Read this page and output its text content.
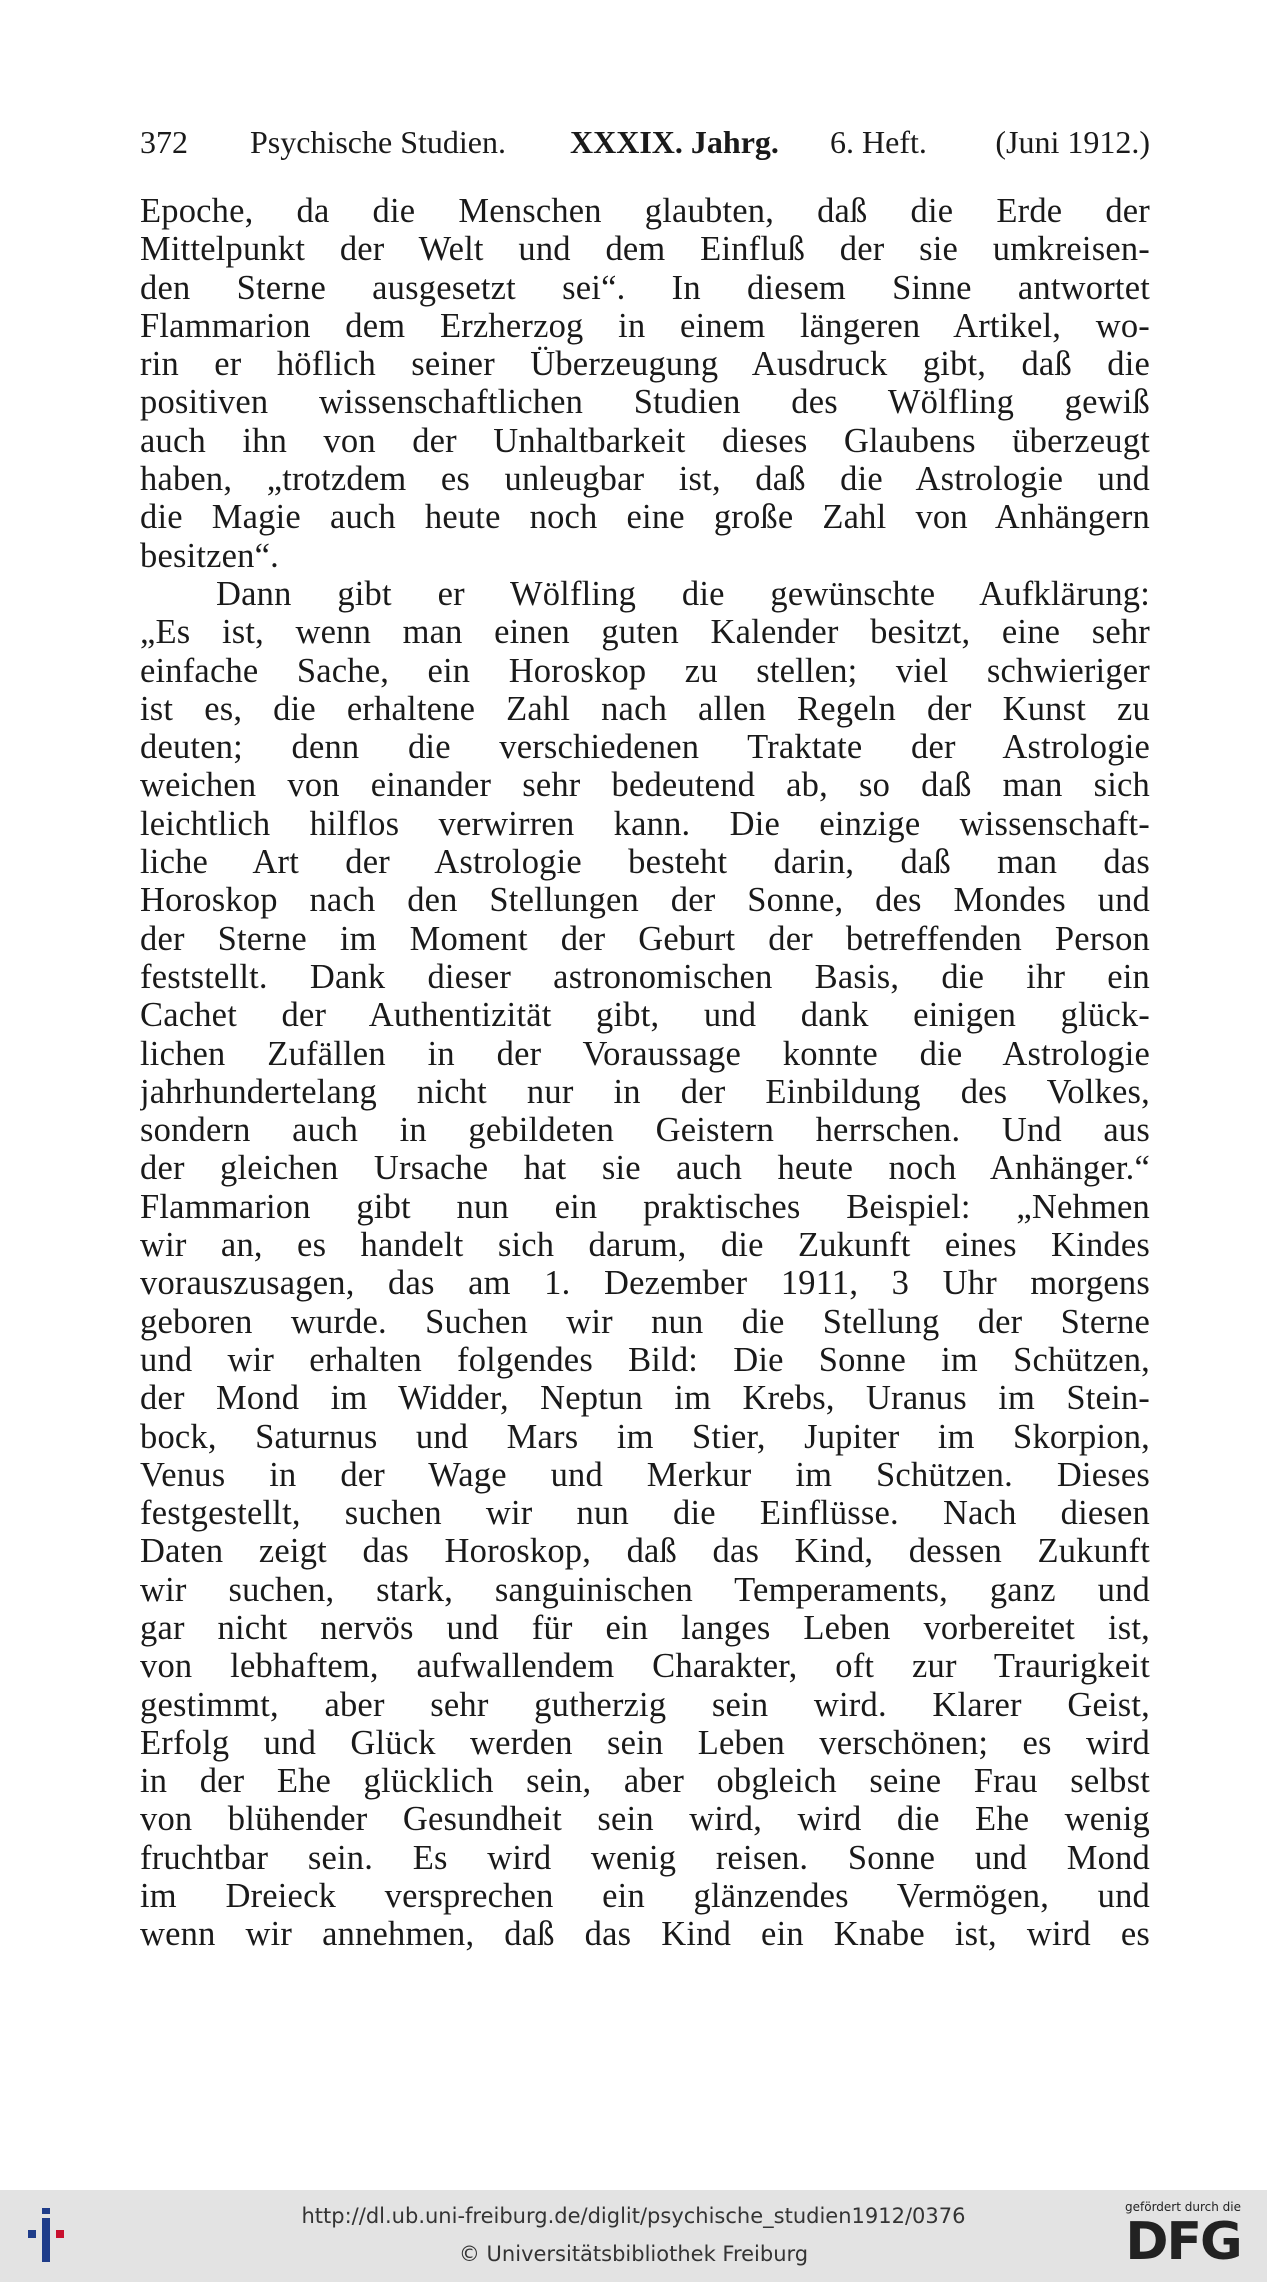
372 Psychische Studien. XXXIX. Jahrg. 6. Heft. (Juni 1912.)
Epoche, da die Menschen glaubten, daß die Erde der
Mittelpunkt der Welt und dem Einfluß der sie umkreisen-
den Sterne ausgesetzt sei“. In diesem Sinne antwortet
Flammarion dem Erzherzog in einem längeren Artikel, wo-
rin er höflich seiner Überzeugung Ausdruck gibt, daß die
positiven wissenschaftlichen Studien des Wölfling gewiß
auch ihn von der Unhaltbarkeit dieses Glaubens überzeugt
haben, „trotzdem es unleugbar ist, daß die Astrologie und
die Magie auch heute noch eine große Zahl von Anhängern
besitzen“.
Dann gibt er Wölfling die gewünschte Aufklärung:
„Es ist, wenn man einen guten Kalender besitzt, eine sehr
einfache Sache, ein Horoskop zu stellen; viel schwieriger
ist es, die erhaltene Zahl nach allen Regeln der Kunst zu
deuten; denn die verschiedenen Traktate der Astrologie
weichen von einander sehr bedeutend ab, so daß man sich
leichtlich hilflos verwirren kann. Die einzige wissenschaft-
liche Art der Astrologie besteht darin, daß man das
Horoskop nach den Stellungen der Sonne, des Mondes und
der Sterne im Moment der Geburt der betreffenden Person
feststellt. Dank dieser astronomischen Basis, die ihr ein
Cachet der Authentizität gibt, und dank einigen glück-
lichen Zufällen in der Voraussage konnte die Astrologie
jahrhundertelang nicht nur in der Einbildung des Volkes,
sondern auch in gebildeten Geistern herrschen. Und aus
der gleichen Ursache hat sie auch heute noch Anhänger.“
Flammarion gibt nun ein praktisches Beispiel: „Nehmen
wir an, es handelt sich darum, die Zukunft eines Kindes
vorauszusagen, das am 1. Dezember 1911, 3 Uhr morgens
geboren wurde. Suchen wir nun die Stellung der Sterne
und wir erhalten folgendes Bild: Die Sonne im Schützen,
der Mond im Widder, Neptun im Krebs, Uranus im Stein-
bock, Saturnus und Mars im Stier, Jupiter im Skorpion,
Venus in der Wage und Merkur im Schützen. Dieses
festgestellt, suchen wir nun die Einflüsse. Nach diesen
Daten zeigt das Horoskop, daß das Kind, dessen Zukunft
wir suchen, stark, sanguinischen Temperaments, ganz und
gar nicht nervös und für ein langes Leben vorbereitet ist,
von lebhaftem, aufwallendem Charakter, oft zur Traurigkeit
gestimmt, aber sehr gutherzig sein wird. Klarer Geist,
Erfolg und Glück werden sein Leben verschönen; es wird
in der Ehe glücklich sein, aber obgleich seine Frau selbst
von blühender Gesundheit sein wird, wird die Ehe wenig
fruchtbar sein. Es wird wenig reisen. Sonne und Mond
im Dreieck versprechen ein glänzendes Vermögen, und
wenn wir annehmen, daß das Kind ein Knabe ist, wird es
http://dl.ub.uni-freiburg.de/diglit/psychische_studien1912/0376
© Universitätsbibliothek Freiburg
gefördert durch die
DFG
